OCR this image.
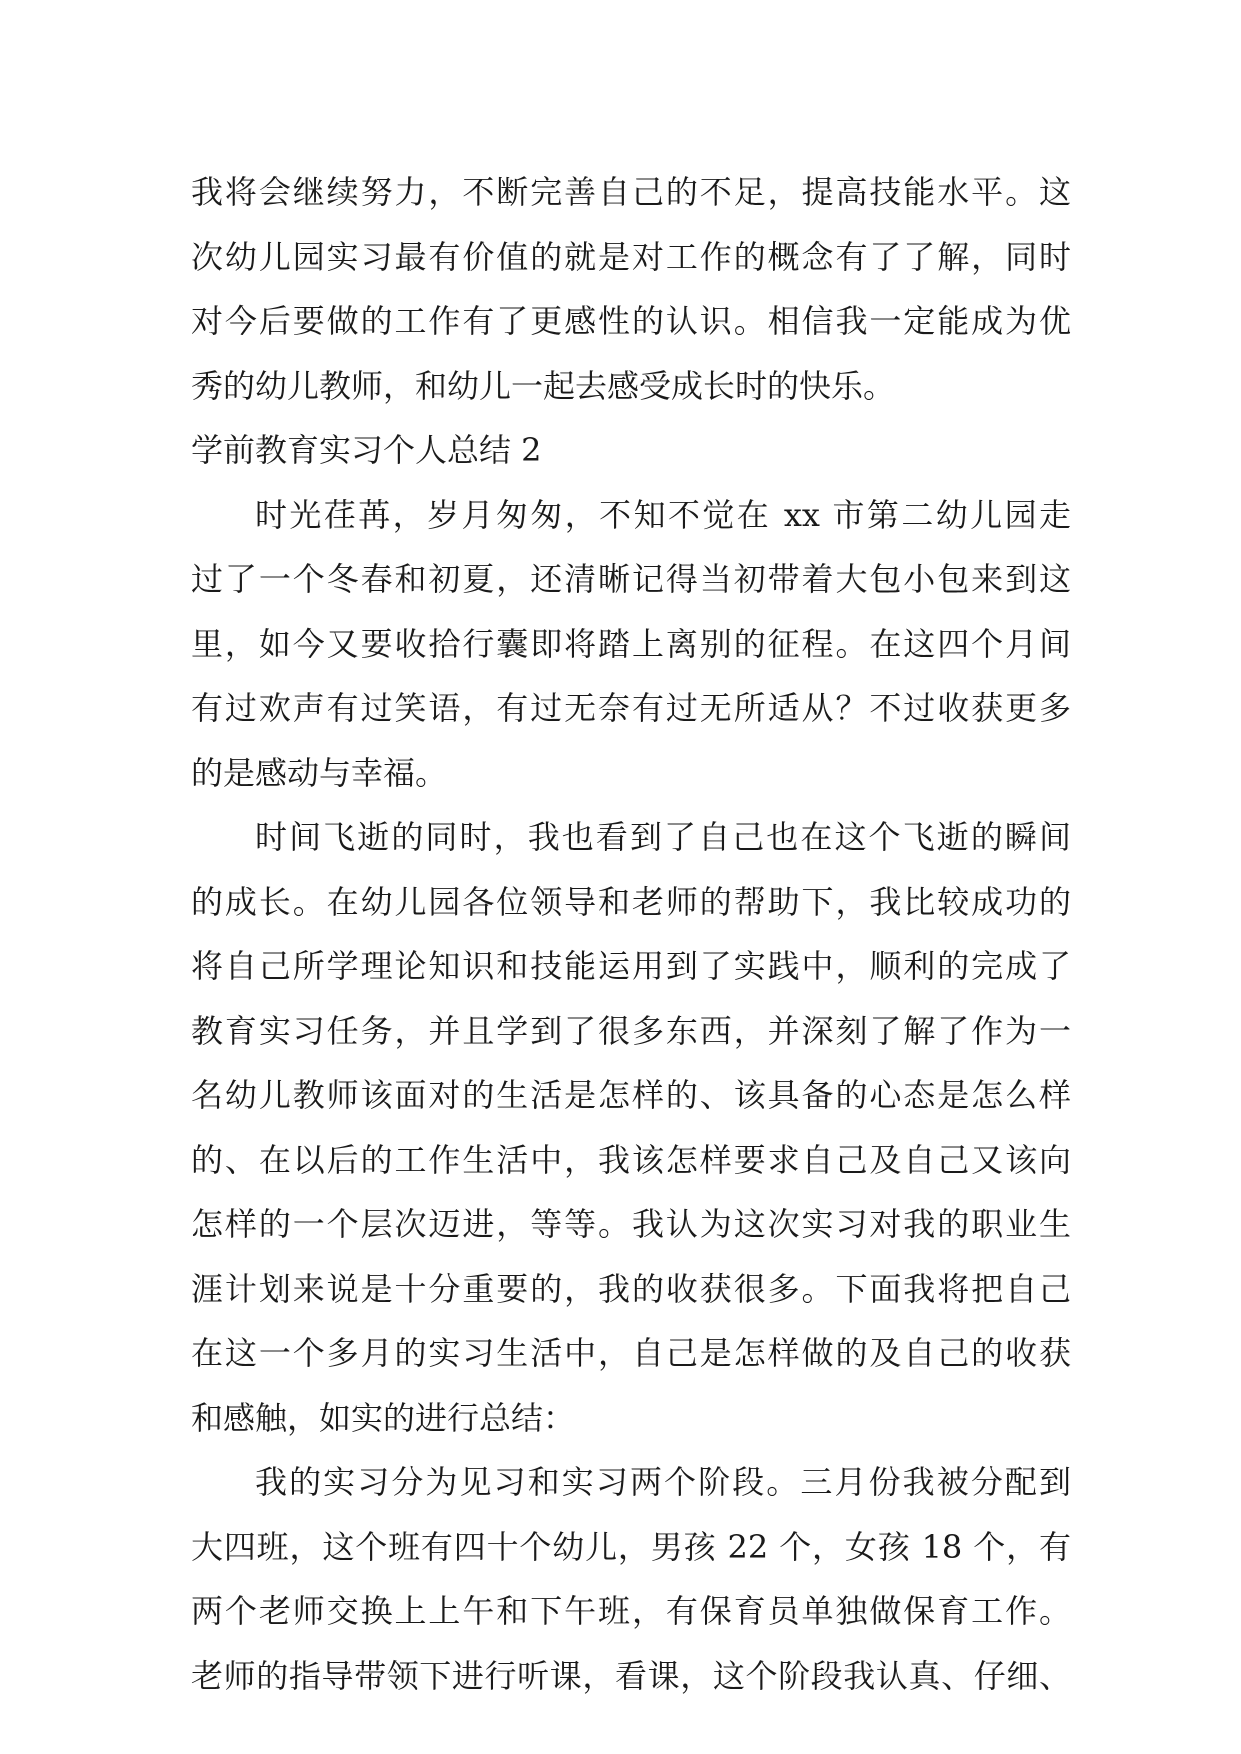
我将会继续努力，不断完善自己的不足，提高技能水平。这
次幼儿园实习最有价值的就是对工作的概念有了了解，同时
对今后要做的工作有了更感性的认识。相信我一定能成为优
秀的幼儿教师，和幼儿一起去感受成长时的快乐。
学前教育实习个人总结 2
时光荏苒，岁月匆匆，不知不觉在 xx 市第二幼儿园走
过了一个冬春和初夏，还清晰记得当初带着大包小包来到这
里，如今又要收拾行囊即将踏上离别的征程。在这四个月间
有过欢声有过笑语，有过无奈有过无所适从？不过收获更多
的是感动与幸福。
时间飞逝的同时，我也看到了自己也在这个飞逝的瞬间
的成长。在幼儿园各位领导和老师的帮助下，我比较成功的
将自己所学理论知识和技能运用到了实践中，顺利的完成了
教育实习任务，并且学到了很多东西，并深刻了解了作为一
名幼儿教师该面对的生活是怎样的、该具备的心态是怎么样
的、在以后的工作生活中，我该怎样要求自己及自己又该向
怎样的一个层次迈进，等等。我认为这次实习对我的职业生
涯计划来说是十分重要的，我的收获很多。下面我将把自己
在这一个多月的实习生活中，自己是怎样做的及自己的收获
和感触，如实的进行总结：
我的实习分为见习和实习两个阶段。三月份我被分配到
大四班，这个班有四十个幼儿，男孩 22 个，女孩 18 个，有
两个老师交换上上午和下午班，有保育员单独做保育工作。
老师的指导带领下进行听课，看课，这个阶段我认真、仔细、
